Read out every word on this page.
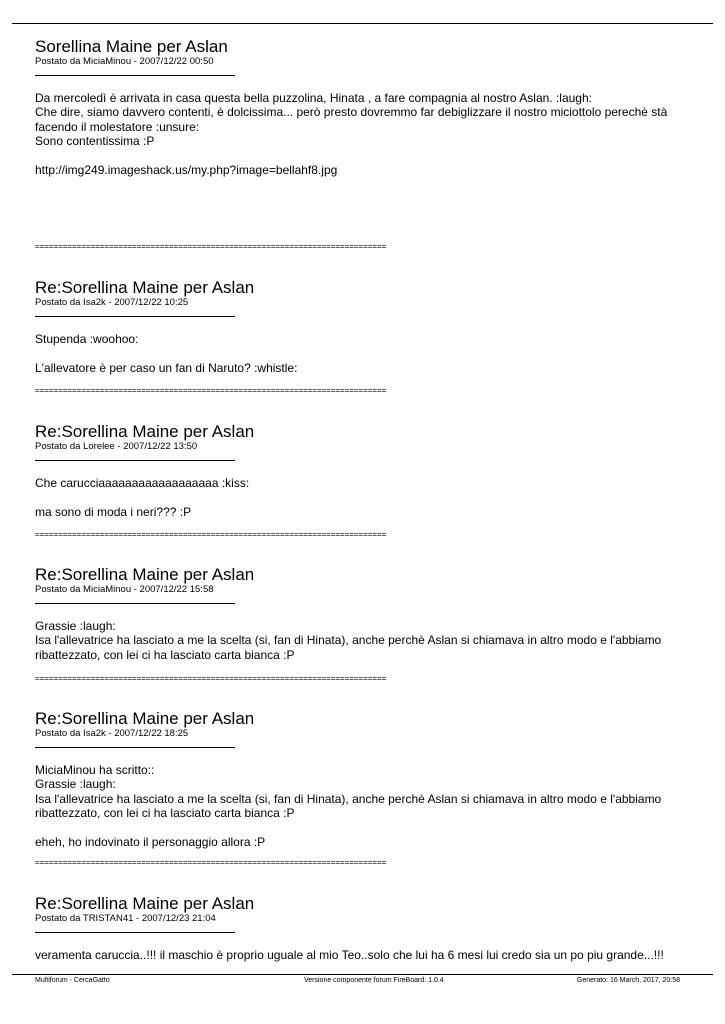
Sorellina Maine per Aslan

Postato da MiciaMinou - 2007/12/22 00:50

Da mercoledì è arrivata in casa questa bella puzzolina, Hinata , a fare compagnia al nostro Aslan. :laugh:
Che dire, siamo davvero contenti, è dolcissima... però presto dovremmo far debiglizzare il nostro miciottolo perechè stà
facendo il molestatore :unsure:
Sono contentissima :P
http://img249.imageshack.us/my.php?image=bellahf8.jpg
============================================================================
Re:Sorellina Maine per Aslan

Postato da Isa2k - 2007/12/22 10:25

Stupenda :woohoo:
L'allevatore è per caso un fan di Naruto? :whistle:
============================================================================
Re:Sorellina Maine per Aslan

Postato da Lorelee - 2007/12/22 13:50

Che carucciaaaaaaaaaaaaaaaaaa :kiss:
ma sono di moda i neri??? :P
============================================================================
Re:Sorellina Maine per Aslan

Postato da MiciaMinou - 2007/12/22 15:58

Grassie :laugh:
Isa l'allevatrice ha lasciato a me la scelta (si, fan di Hinata), anche perchè Aslan si chiamava in altro modo e l'abbiamo
ribattezzato, con lei ci ha lasciato carta bianca :P
============================================================================
Re:Sorellina Maine per Aslan

Postato da Isa2k - 2007/12/22 18:25

MiciaMinou ha scritto::
Grassie :laugh:
Isa l'allevatrice ha lasciato a me la scelta (si, fan di Hinata), anche perchè Aslan si chiamava in altro modo e l'abbiamo
ribattezzato, con lei ci ha lasciato carta bianca :P
eheh, ho indovinato il personaggio allora :P
============================================================================
Re:Sorellina Maine per Aslan

Postato da TRISTAN41 - 2007/12/23 21:04

veramenta caruccia..!!! il maschio è proprio uguale al mio Teo..solo che lui ha 6 mesi lui credo sia un po piu grande...!!!
Multiforum - CercaGatto	Versione componente forum FireBoard: 1.0.4	Generato: 16 March, 2017, 20:58
